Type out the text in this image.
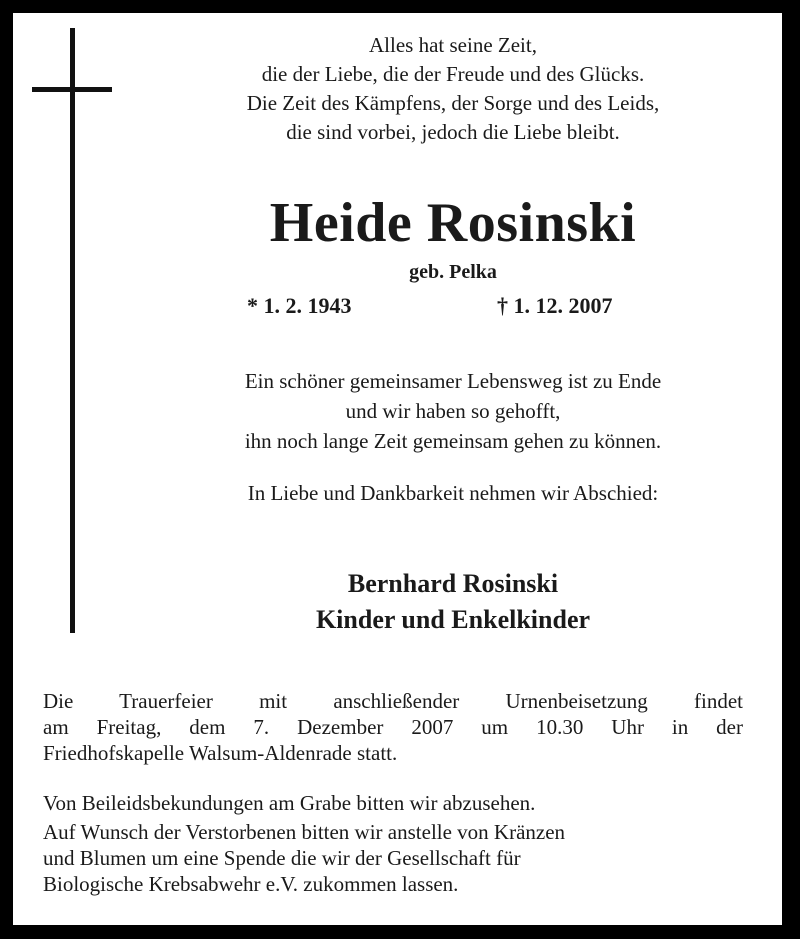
Alles hat seine Zeit,
die der Liebe, die der Freude und des Glücks.
Die Zeit des Kämpfens, der Sorge und des Leids,
die sind vorbei, jedoch die Liebe bleibt.
Heide Rosinski
geb. Pelka
* 1. 2. 1943	† 1. 12. 2007
Ein schöner gemeinsamer Lebensweg ist zu Ende
und wir haben so gehofft,
ihn noch lange Zeit gemeinsam gehen zu können.
In Liebe und Dankbarkeit nehmen wir Abschied:
Bernhard Rosinski
Kinder und Enkelkinder
Die Trauerfeier mit anschließender Urnenbeisetzung findet
am Freitag, dem 7. Dezember 2007 um 10.30 Uhr in der
Friedhofskapelle Walsum-Aldenrade statt.
Von Beileidsbekundungen am Grabe bitten wir abzusehen.
Auf Wunsch der Verstorbenen bitten wir anstelle von Kränzen
und Blumen um eine Spende die wir der Gesellschaft für
Biologische Krebsabwehr e.V. zukommen lassen.
